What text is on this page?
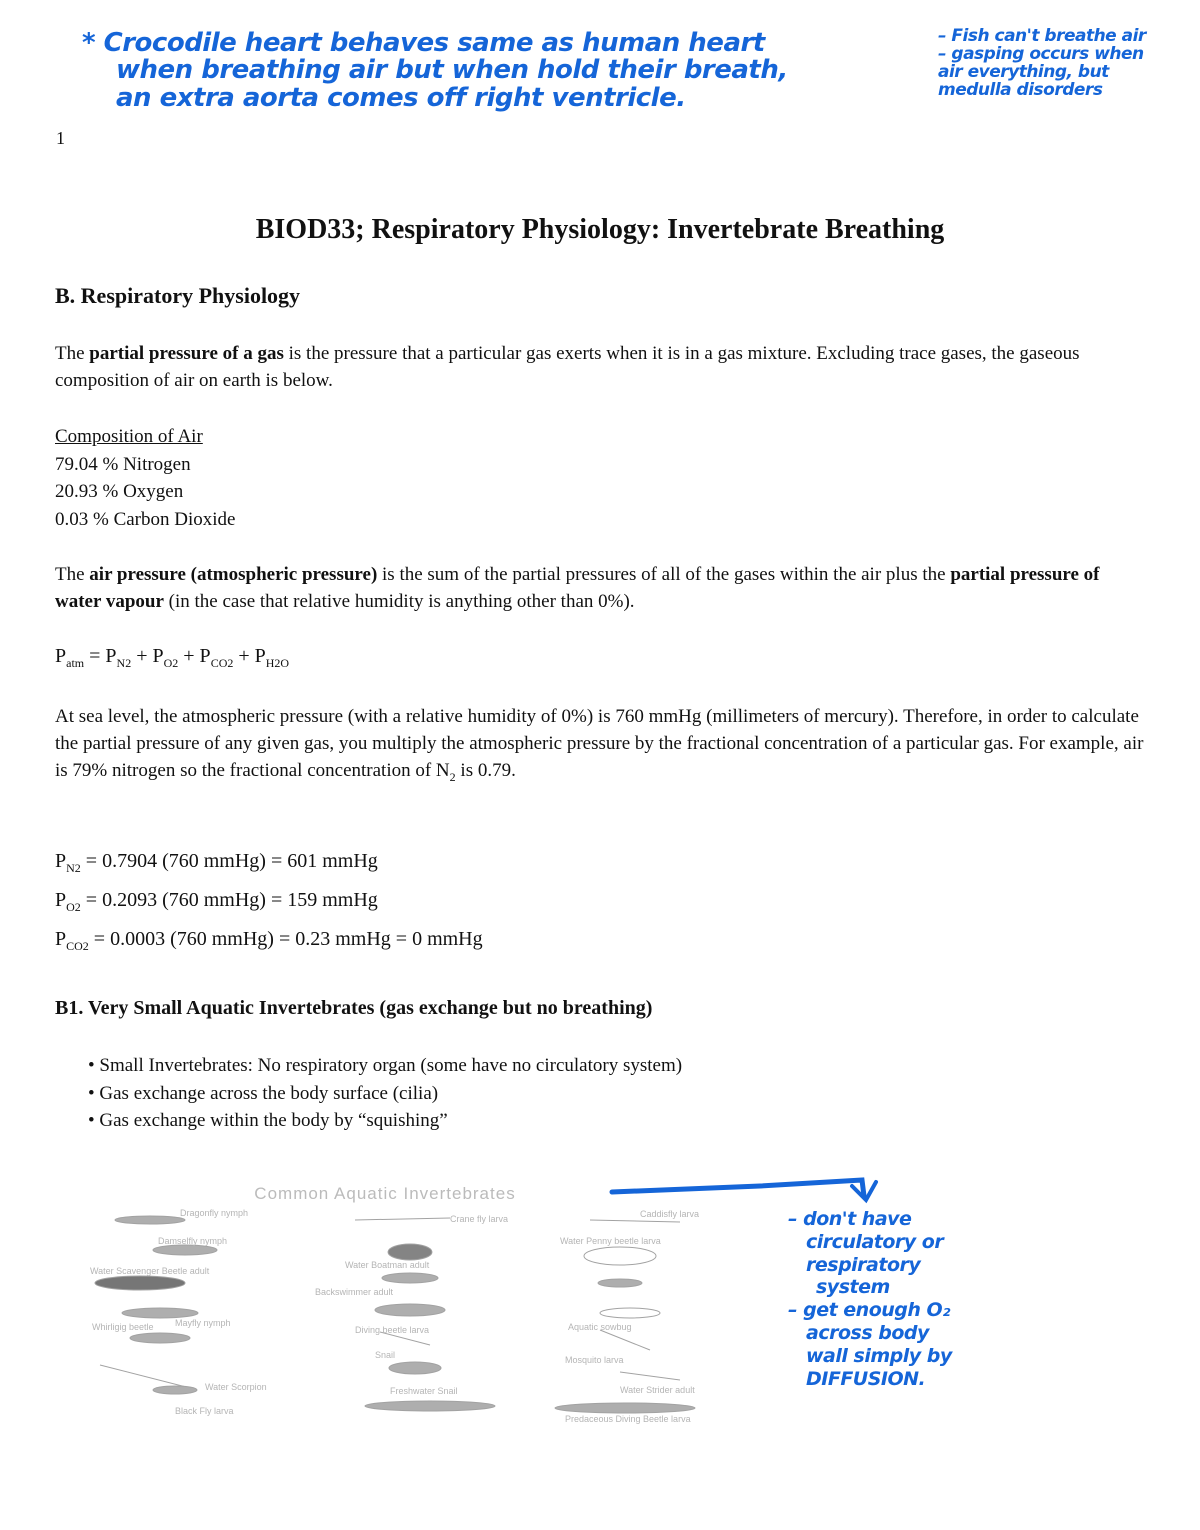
* Crocodile heart behaves same as human heart
when breathing air but when hold their breath,
an extra aorta comes off right ventricle.
– Fish can't breathe air
– gasping occurs when
air everything, but
medulla disorders
1
BIOD33; Respiratory Physiology: Invertebrate Breathing
B. Respiratory Physiology

The partial pressure of a gas is the pressure that a particular gas exerts when it is in a gas mixture. Excluding trace gases, the gaseous composition of air on earth is below.

Composition of Air
79.04 % Nitrogen
20.93 % Oxygen
0.03 % Carbon Dioxide

The air pressure (atmospheric pressure) is the sum of the partial pressures of all of the gases within the air plus the partial pressure of water vapour (in the case that relative humidity is anything other than 0%).

$P_{atm} = P_{N2} + P_{O2} + P_{CO2} + P_{H2O}$

At sea level, the atmospheric pressure (with a relative humidity of 0%) is 760 mmHg (millimeters of mercury). Therefore, in order to calculate the partial pressure of any given gas, you multiply the atmospheric pressure by the fractional concentration of a particular gas. For example, air is 79% nitrogen so the fractional concentration of $N_2$ is 0.79.

$P_{N2} = 0.7904$ (760 mmHg) = 601 mmHg
$P_{O2} = 0.2093$ (760 mmHg) = 159 mmHg
$P_{CO2} = 0.0003$ (760 mmHg) = 0.23 mmHg = 0 mmHg
B1. Very Small Aquatic Invertebrates (gas exchange but no breathing)
• Small Invertebrates: No respiratory organ (some have no circulatory system)
• Gas exchange across the body surface (cilia)
• Gas exchange within the body by “squishing”
Common Aquatic Invertebrates
Dragonfly nymph
Damselfly nymph
Water Scavenger Beetle adult
Mayfly nymph
Whirligig beetle
Water Scorpion
Black Fly larva
Water Boatman adult
Backswimmer adult
Crane fly larva	Caddisfly larva
Diving beetle larva
Predaceous Diving Beetle larva
Water Penny beetle larva
Snail
Aquatic sowbug
Mosquito larva
Water Strider adult
Freshwater Snail
– don't have
circulatory or
respiratory
system
– get enough O₂
across body
wall simply by
DIFFUSION.
